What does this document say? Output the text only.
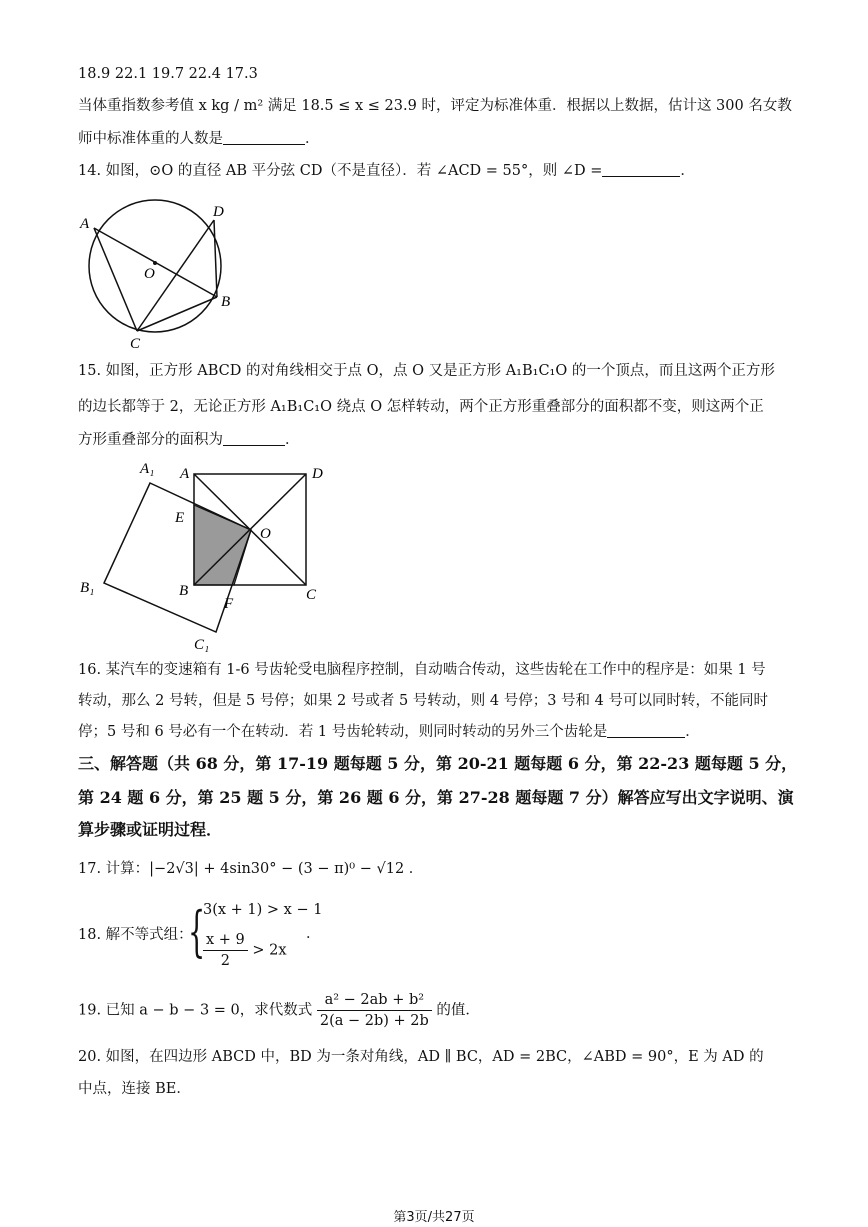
18.9 22.1 19.7 22.4 17.3
当体重指数参考值 x kg / m² 满足 18.5 ≤ x ≤ 23.9 时，评定为标准体重．根据以上数据，估计这 300 名女教
师中标准体重的人数是	．
14. 如图，⊙O 的直径 AB 平分弦 CD（不是直径）．若 ∠ACD = 55°，则 ∠D =	．
A
D
O
B
C
15. 如图，正方形 ABCD 的对角线相交于点 O，点 O 又是正方形 A₁B₁C₁O 的一个顶点，而且这两个正方形
的边长都等于 2，无论正方形 A₁B₁C₁O 绕点 O 怎样转动，两个正方形重叠部分的面积都不变，则这两个正
方形重叠部分的面积为	．
A₁ A	D
E
O
B₁	B
F
C
C₁
16. 某汽车的变速箱有 1-6 号齿轮受电脑程序控制，自动啮合传动，这些齿轮在工作中的程序是：如果 1 号
转动，那么 2 号转，但是 5 号停；如果 2 号或者 5 号转动，则 4 号停；3 号和 4 号可以同时转，不能同时
停；5 号和 6 号必有一个在转动．若 1 号齿轮转动，则同时转动的另外三个齿轮是	．
三、解答题（共 68 分，第 17-19 题每题 5 分，第 20-21 题每题 6 分，第 22-23 题每题 5 分，
第 24 题 6 分，第 25 题 5 分，第 26 题 6 分，第 27-28 题每题 7 分）解答应写出文字说明、演
算步骤或证明过程．
17. 计算：|−2√3| + 4sin30° − (3 − π)⁰ − √12 ．
18. 解不等式组：
{
3(x + 1) > x − 1
$\frac{x + 9}{2} > 2x$
．
19. 已知 a − b − 3 = 0，求代数式 $\frac{\text{a² − 2ab + b²}}{2(a - 2b) + 2b}$ 的值．
20. 如图，在四边形 ABCD 中，BD 为一条对角线，AD ∥ BC，AD = 2BC，∠ABD = 90°，E 为 AD 的
中点，连接 BE．
第3页/共27页
